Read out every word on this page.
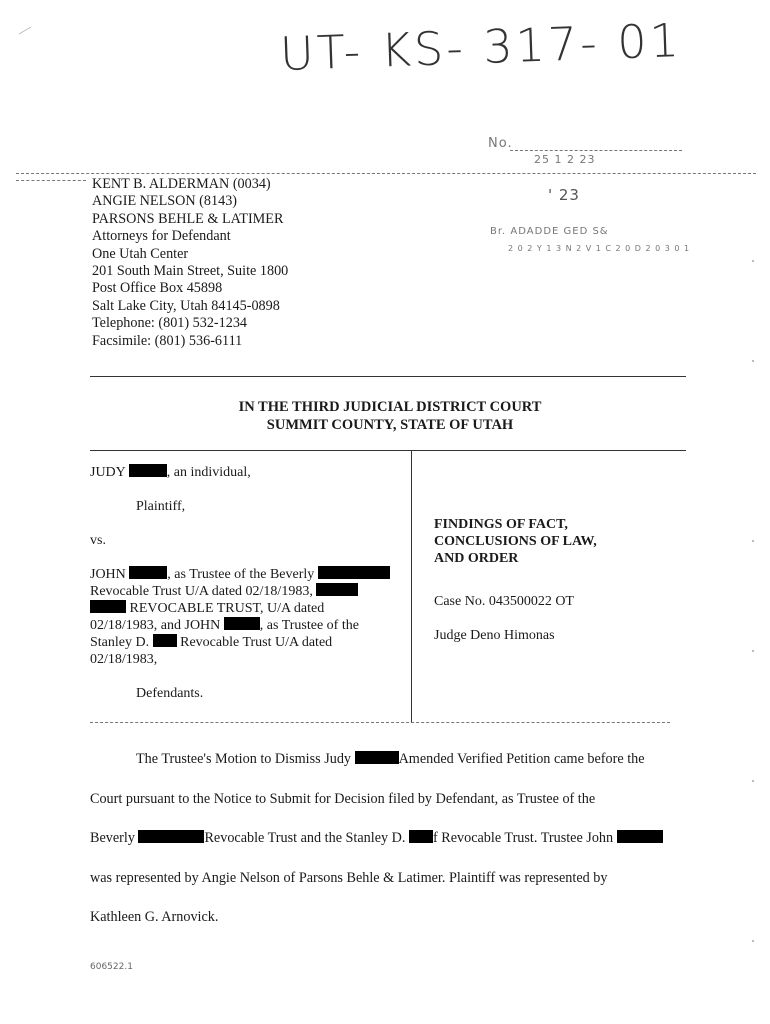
UT- KS- 317- 01
No.
25 1 2 23
' 23
Br. ADADDE GED S&
2 0 2 Y 1 3 N 2 V 1 C 2 0 D 2 0 3 0 1
KENT B. ALDERMAN (0034)
ANGIE NELSON (8143)
PARSONS BEHLE & LATIMER
Attorneys for Defendant
One Utah Center
201 South Main Street, Suite 1800
Post Office Box 45898
Salt Lake City, Utah 84145-0898
Telephone: (801) 532-1234
Facsimile: (801) 536-6111
IN THE THIRD JUDICIAL DISTRICT COURT
SUMMIT COUNTY, STATE OF UTAH
JUDY	, an individual,
Plaintiff,
vs.
JOHN	, as Trustee of the Beverly
Revocable Trust U/A dated 02/18/1983,
REVOCABLE TRUST, U/A dated
02/18/1983, and JOHN	, as Trustee of the
Stanley D.  Revocable Trust U/A dated
02/18/1983,
Defendants.
FINDINGS OF FACT,
CONCLUSIONS OF LAW,
AND ORDER
Case No. 043500022 OT
Judge Deno Himonas

The Trustee's Motion to Dismiss Judy	Amended Verified Petition came before the

Court pursuant to the Notice to Submit for Decision filed by Defendant, as Trustee of the

Beverly	Revocable Trust and the Stanley D. f Revocable Trust. Trustee John

was represented by Angie Nelson of Parsons Behle & Latimer. Plaintiff was represented by

Kathleen G. Arnovick.

606522.1
